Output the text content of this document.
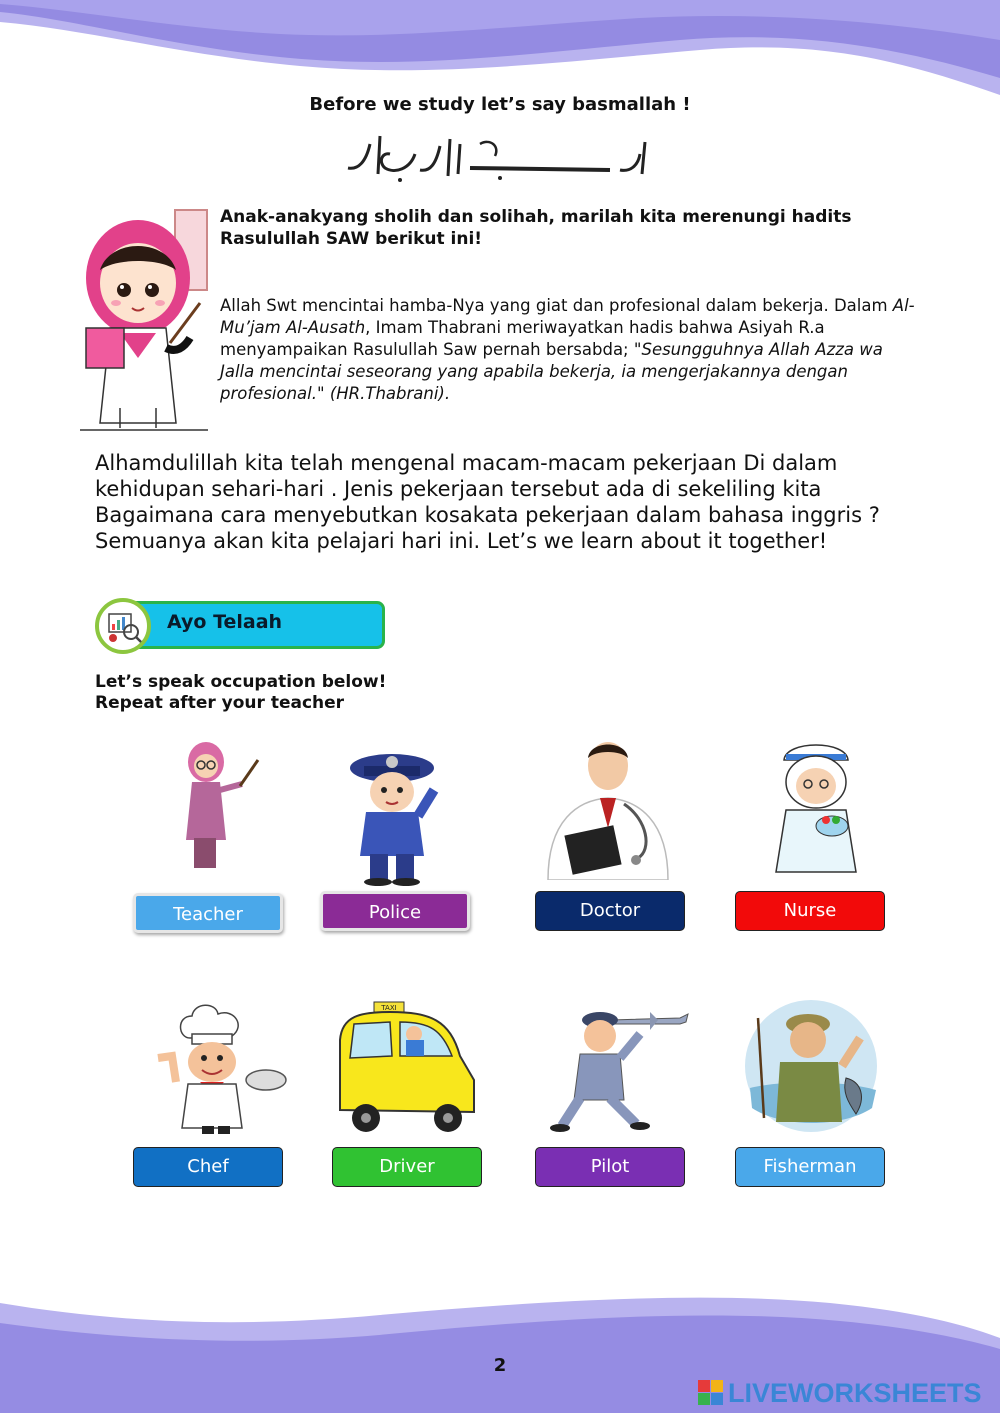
Before we study let’s say basmallah !
Anak-anakyang sholih dan solihah, marilah kita merenungi hadits Rasulullah SAW berikut ini!
Allah Swt mencintai hamba-Nya yang giat dan profesional dalam bekerja. Dalam Al-Mu’jam Al-Ausath, Imam Thabrani meriwayatkan hadis bahwa Asiyah R.a menyampaikan Rasulullah Saw pernah bersabda; "Sesungguhnya Allah Azza wa Jalla mencintai seseorang yang apabila bekerja, ia mengerjakannya dengan profesional." (HR.Thabrani).
Alhamdulillah kita telah mengenal macam-macam pekerjaan Di dalam kehidupan sehari-hari . Jenis pekerjaan tersebut ada di sekeliling kita Bagaimana cara menyebutkan kosakata pekerjaan dalam bahasa inggris ? Semuanya akan kita pelajari hari ini. Let’s we learn about it together!
Ayo Telaah
Let’s speak occupation below!
Repeat after your teacher
Teacher	Police	Doctor	Nurse
TAXI
Chef	Driver	Pilot	Fisherman
2
LIVEWORKSHEETS
